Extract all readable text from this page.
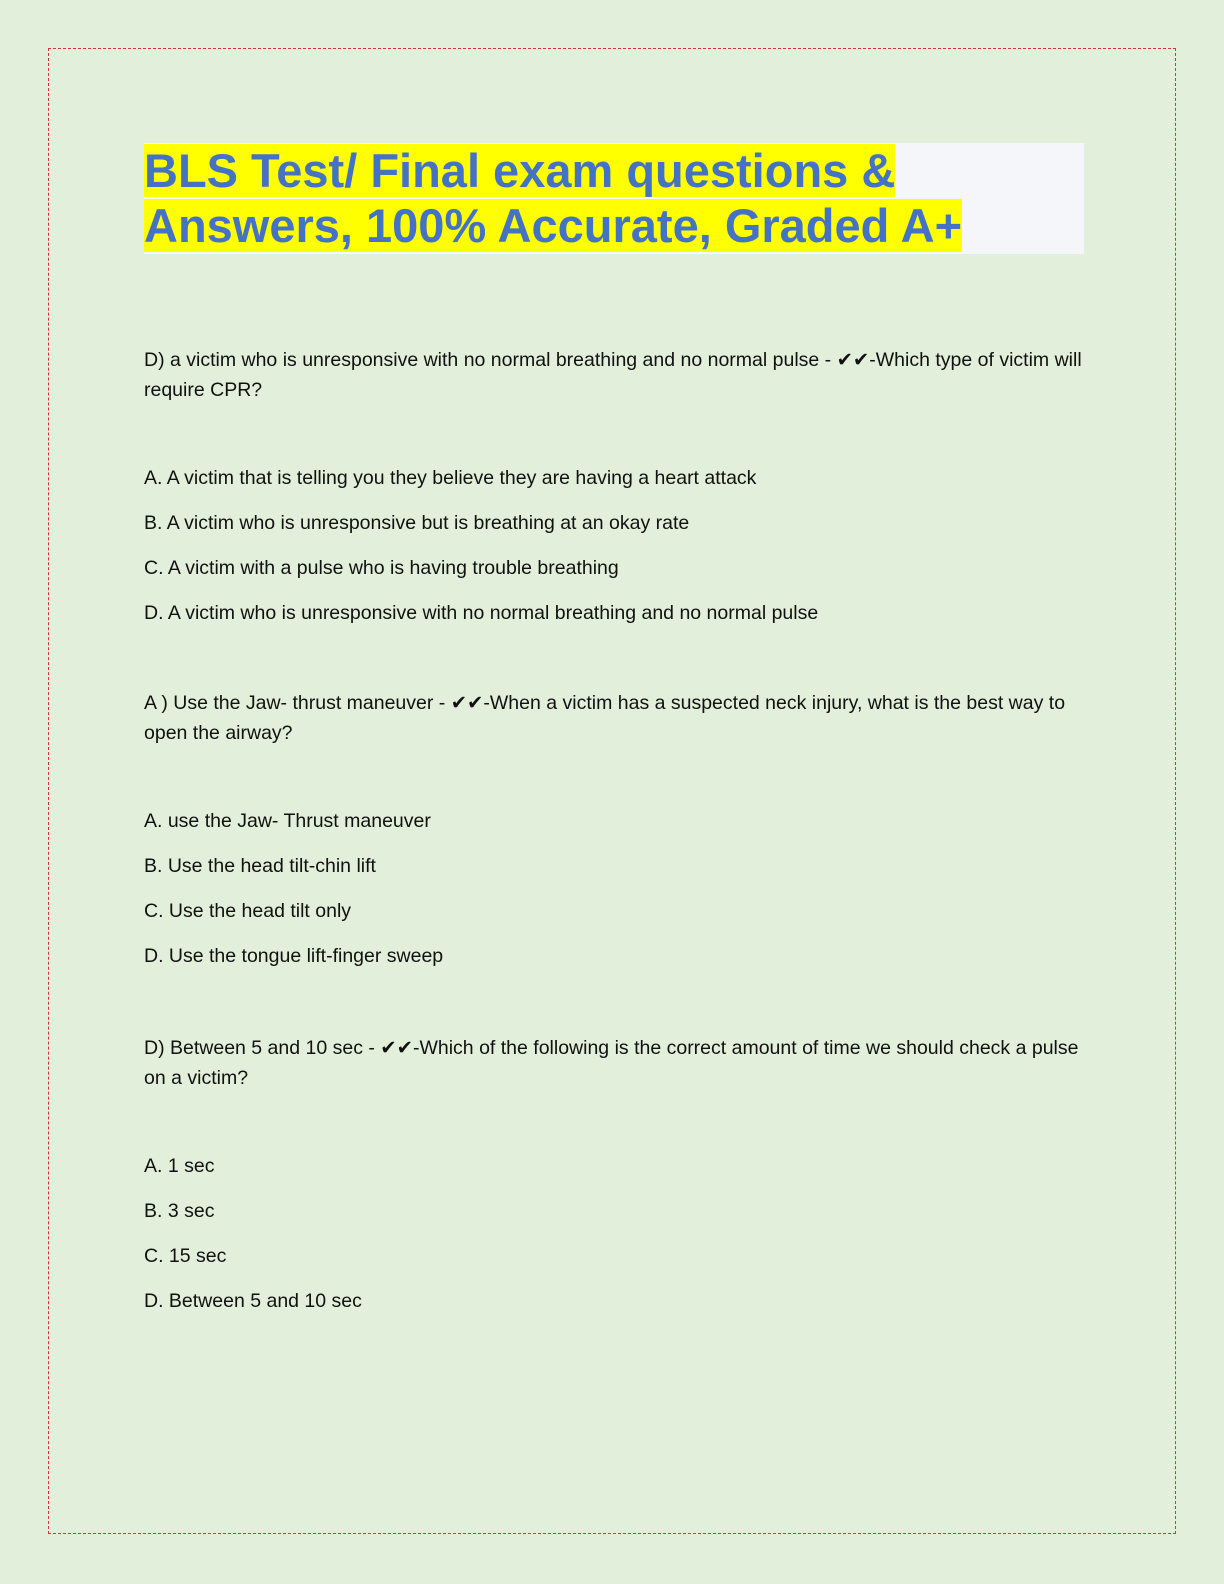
BLS Test/ Final exam questions &
Answers, 100% Accurate, Graded A+

D) a victim who is unresponsive with no normal breathing and no normal pulse - ✔✔-Which type of victim will require CPR?

A. A victim that is telling you they believe they are having a heart attack
B. A victim who is unresponsive but is breathing at an okay rate
C. A victim with a pulse who is having trouble breathing
D. A victim who is unresponsive with no normal breathing and no normal pulse

A ) Use the Jaw- thrust maneuver - ✔✔-When a victim has a suspected neck injury, what is the best way to open the airway?

A. use the Jaw- Thrust maneuver
B. Use the head tilt-chin lift
C. Use the head tilt only
D. Use the tongue lift-finger sweep

D) Between 5 and 10 sec - ✔✔-Which of the following is the correct amount of time we should check a pulse on a victim?

A. 1 sec
B. 3 sec
C. 15 sec
D. Between 5 and 10 sec
